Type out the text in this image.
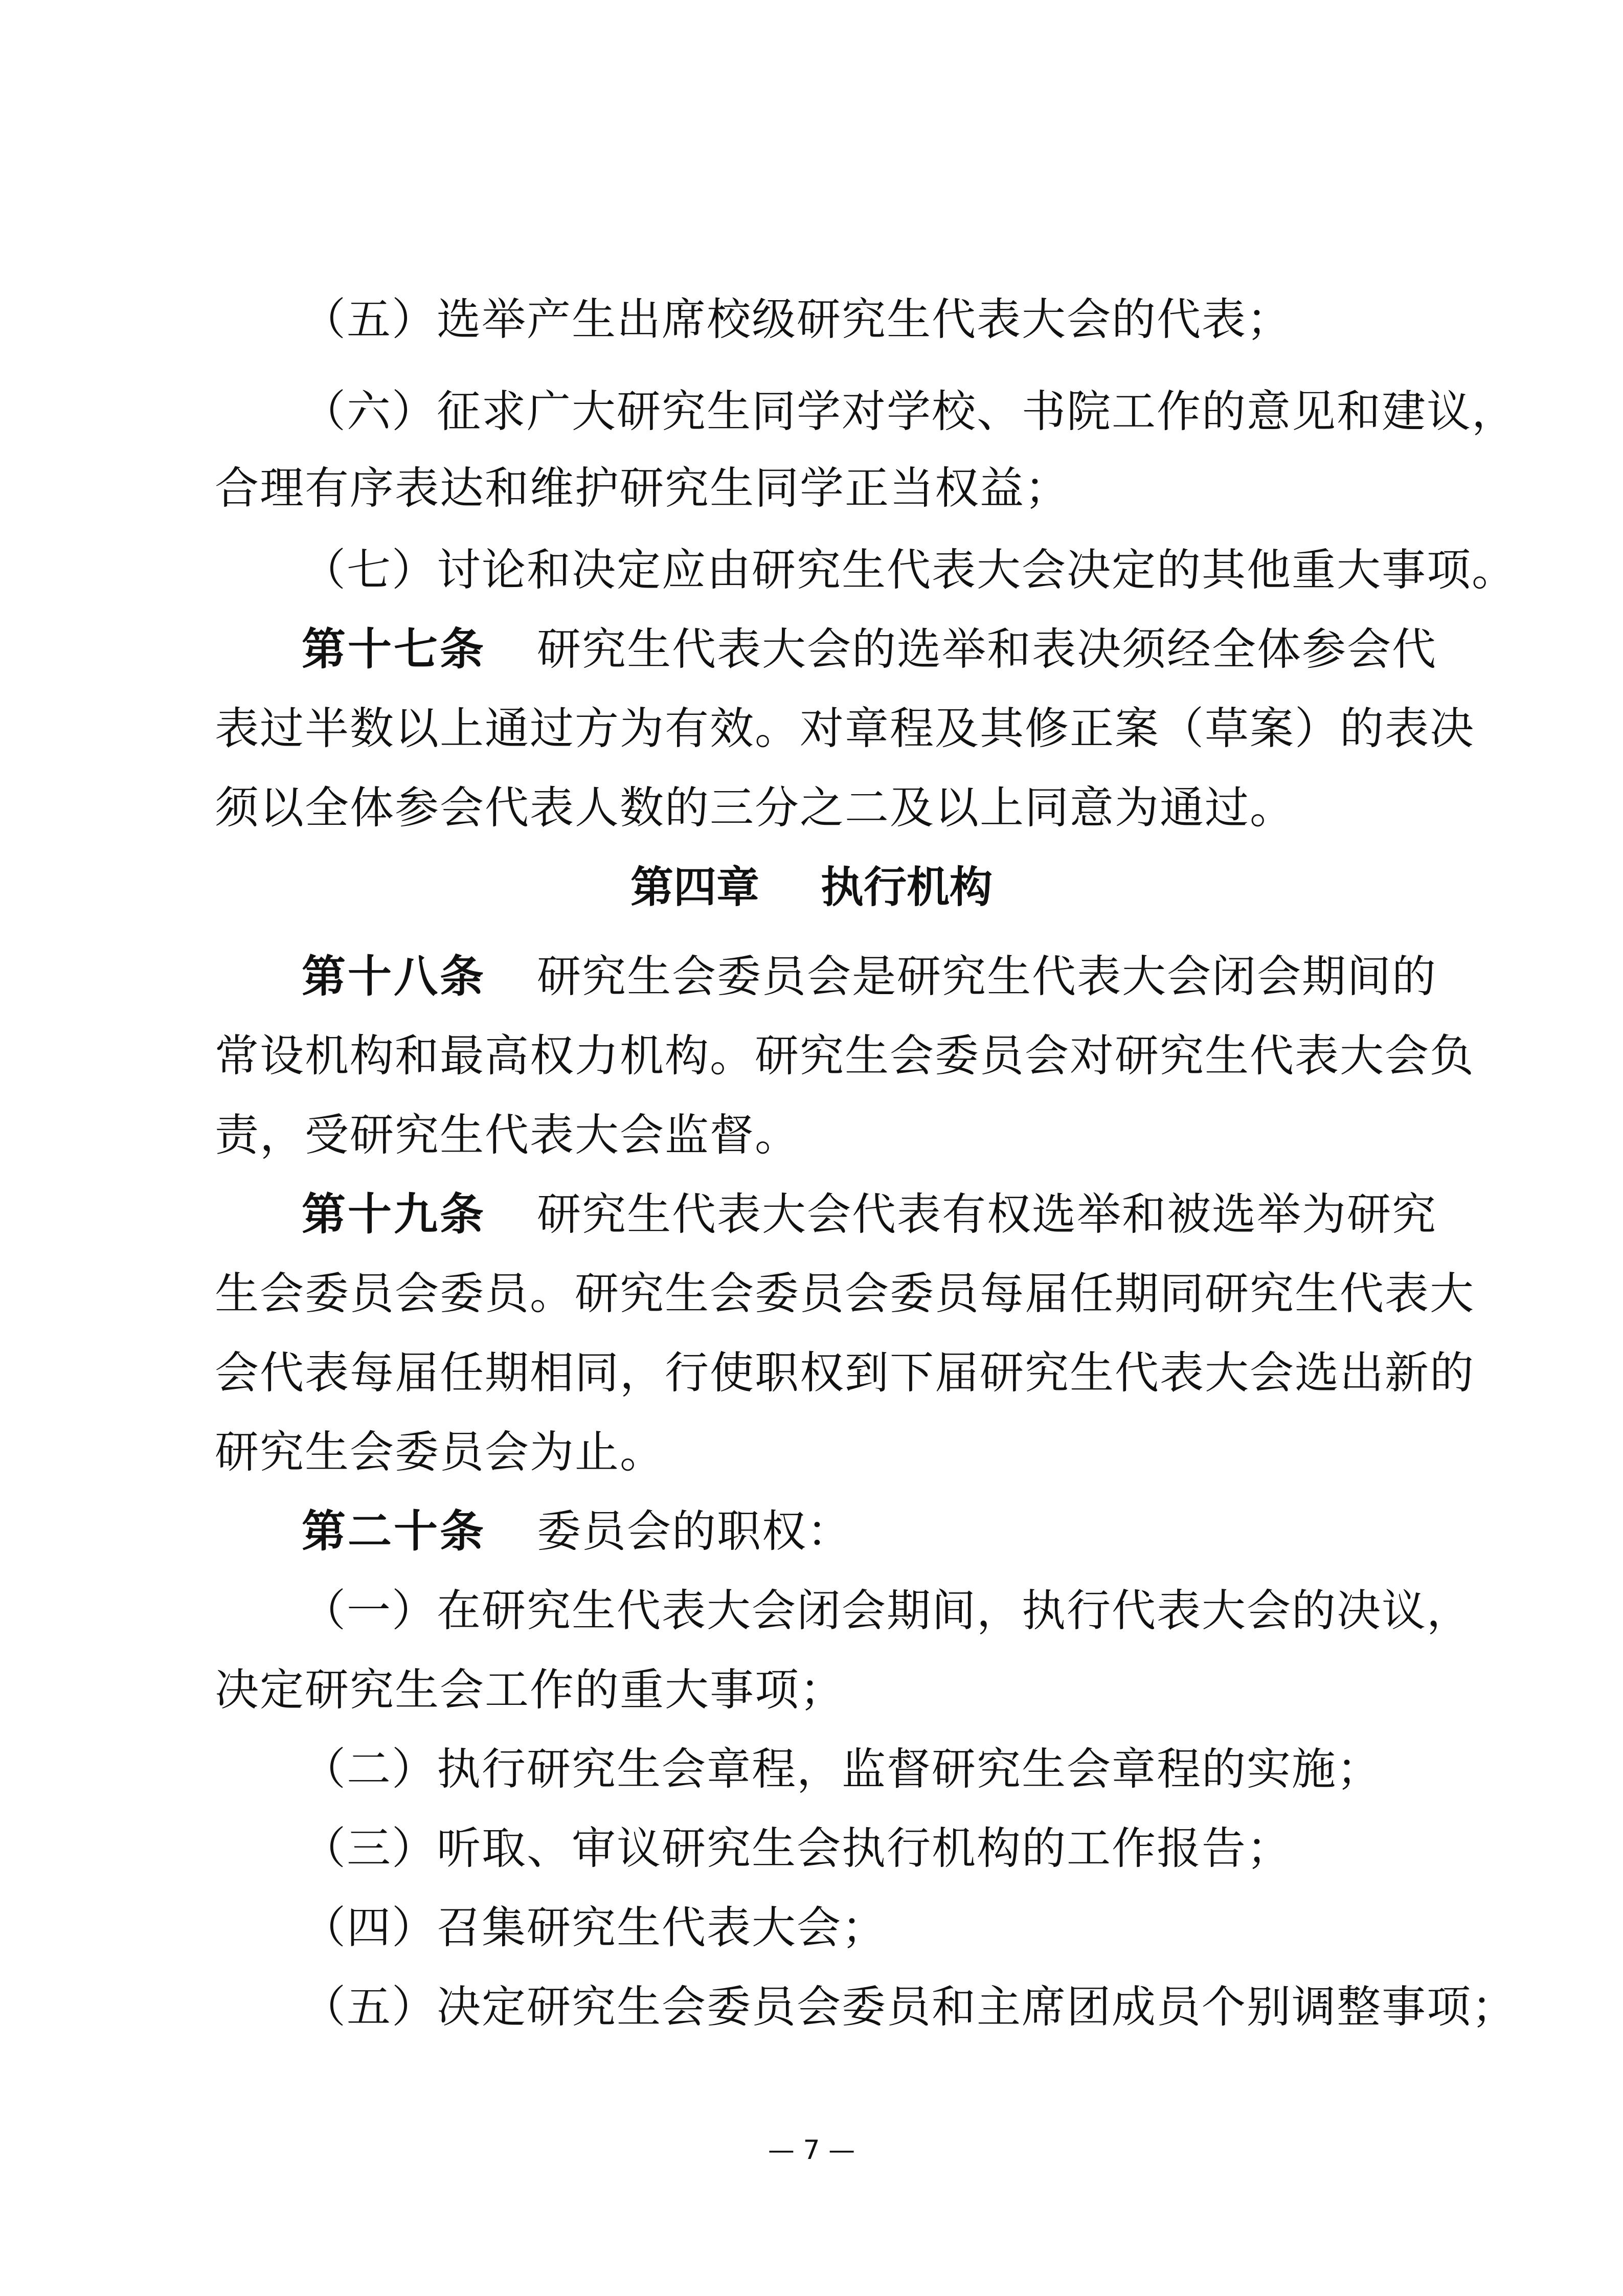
（五）选举产生出席校级研究生代表大会的代表；
（六）征求广大研究生同学对学校、书院工作的意见和建议，
合理有序表达和维护研究生同学正当权益；
（七）讨论和决定应由研究生代表大会决定的其他重大事项。
第十七条 研究生代表大会的选举和表决须经全体参会代
表过半数以上通过方为有效。对章程及其修正案（草案）的表决
须以全体参会代表人数的三分之二及以上同意为通过。
第四章 执行机构
第十八条 研究生会委员会是研究生代表大会闭会期间的
常设机构和最高权力机构。研究生会委员会对研究生代表大会负
责，受研究生代表大会监督。
第十九条 研究生代表大会代表有权选举和被选举为研究
生会委员会委员。研究生会委员会委员每届任期同研究生代表大
会代表每届任期相同，行使职权到下届研究生代表大会选出新的
研究生会委员会为止。
第二十条 委员会的职权：
（一）在研究生代表大会闭会期间，执行代表大会的决议，
决定研究生会工作的重大事项；
（二）执行研究生会章程，监督研究生会章程的实施；
（三）听取、审议研究生会执行机构的工作报告；
（四）召集研究生代表大会；
（五）决定研究生会委员会委员和主席团成员个别调整事项；
— 7 —
